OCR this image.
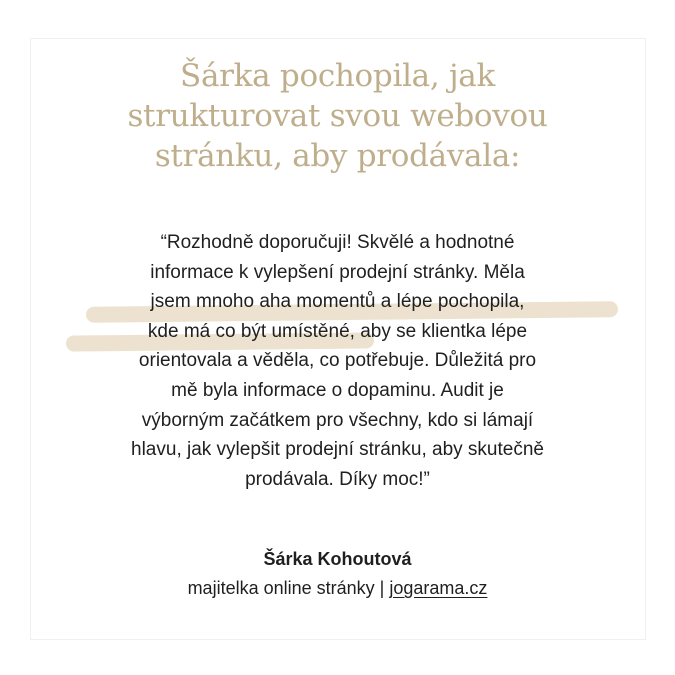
Šárka pochopila, jak
strukturovat svou webovou
stránku, aby prodávala:

“Rozhodně doporučuji! Skvělé a hodnotné
informace k vylepšení prodejní stránky. Měla
jsem mnoho aha momentů a lépe pochopila,
kde má co být umístěné, aby se klientka lépe
orientovala a věděla, co potřebuje. Důležitá pro
mě byla informace o dopaminu. Audit je
výborným začátkem pro všechny, kdo si lámají
hlavu, jak vylepšit prodejní stránku, aby skutečně
prodávala. Díky moc!”

Šárka Kohoutová

majitelka online stránky | jogarama.cz
